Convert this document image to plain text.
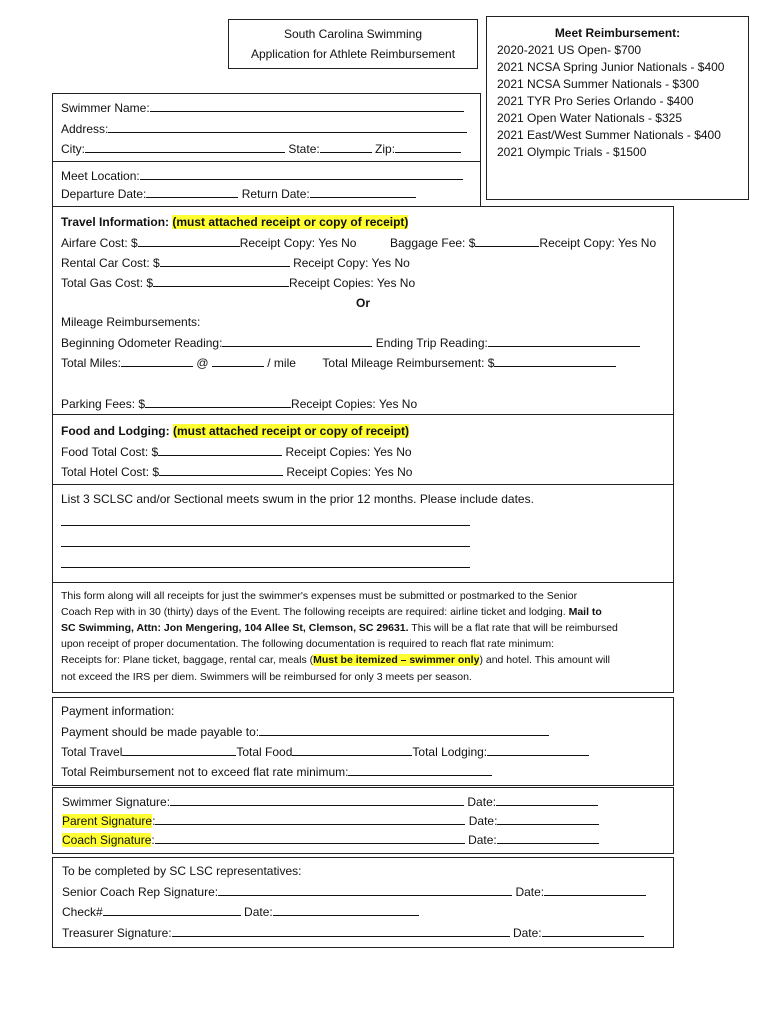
South Carolina Swimming
Application for Athlete Reimbursement
Meet Reimbursement:
2020-2021 US Open- $700
2021 NCSA Spring Junior Nationals - $400
2021 NCSA Summer Nationals - $300
2021 TYR Pro Series Orlando - $400
2021 Open Water Nationals - $325
2021 East/West Summer Nationals - $400
2021 Olympic Trials - $1500
Swimmer Name:
Address:
City:	State:	Zip:
Meet Location:
Departure Date:	Return Date:
Travel Information: (must attached receipt or copy of receipt)
Airfare Cost: $	Receipt Copy: Yes No	Baggage Fee: $	Receipt Copy: Yes No
Rental Car Cost: $	Receipt Copy: Yes No
Total Gas Cost: $	Receipt Copies: Yes No
Or
Mileage Reimbursements:
Beginning Odometer Reading:	Ending Trip Reading:
Total Miles:	@	/ mile Total Mileage Reimbursement: $
Parking Fees: $	Receipt Copies: Yes No
Food and Lodging: (must attached receipt or copy of receipt)
Food Total Cost: $	Receipt Copies: Yes No
Total Hotel Cost: $	Receipt Copies: Yes No
List 3 SCLSC and/or Sectional meets swum in the prior 12 months. Please include dates.
This form along will all receipts for just the swimmer's expenses must be submitted or postmarked to the Senior
Coach Rep with in 30 (thirty) days of the Event. The following receipts are required: airline ticket and lodging. Mail to
SC Swimming, Attn: Jon Mengering, 104 Allee St, Clemson, SC 29631. This will be a flat rate that will be reimbursed
upon receipt of proper documentation. The following documentation is required to reach flat rate minimum:
Receipts for: Plane ticket, baggage, rental car, meals (Must be itemized – swimmer only) and hotel. This amount will
not exceed the IRS per diem. Swimmers will be reimbursed for only 3 meets per season.
Payment information:
Payment should be made payable to:
Total Travel	Total Food	Total Lodging:
Total Reimbursement not to exceed flat rate minimum:
Swimmer Signature:	Date:
Parent Signature:	Date:
Coach Signature:	Date:
To be completed by SC LSC representatives:
Senior Coach Rep Signature:	Date:
Check#	Date:
Treasurer Signature:	Date:
